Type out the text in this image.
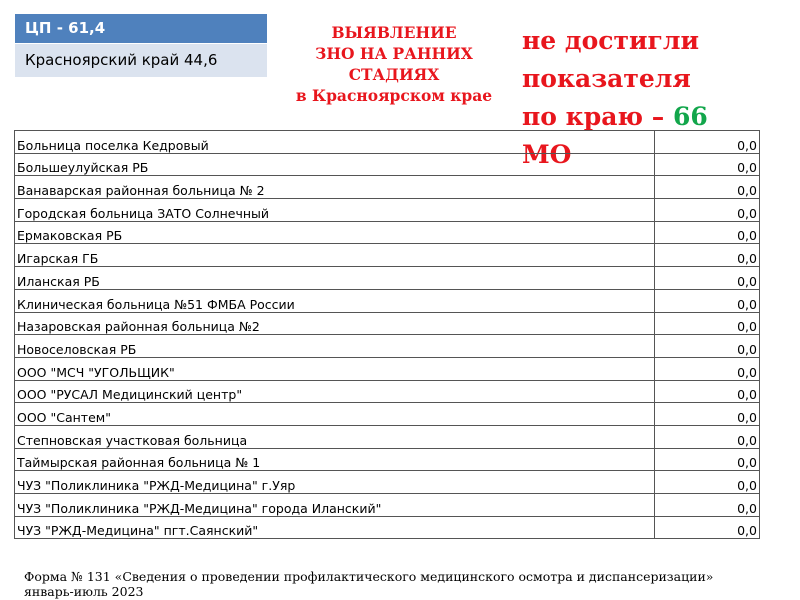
ЦП - 61,4
Красноярский край 44,6
ВЫЯВЛЕНИЕ
ЗНО НА РАННИХ
СТАДИЯХ
в Красноярском крае
не достигли
показателя
по краю – 66
МО
Больница поселка Кедровый	0,0
Большеулуйская РБ	0,0
Ванаварская районная больница № 2	0,0
Городская больница ЗАТО Солнечный	0,0
Ермаковская РБ	0,0
Игарская ГБ	0,0
Иланская РБ	0,0
Клиническая больница №51 ФМБА России	0,0
Назаровская районная больница №2	0,0
Новоселовская РБ	0,0
ООО "МСЧ "УГОЛЬЩИК"	0,0
ООО "РУСАЛ Медицинский центр"	0,0
ООО "Сантем"	0,0
Степновская участковая больница	0,0
Таймырская районная больница № 1	0,0
ЧУЗ "Поликлиника "РЖД-Медицина" г.Уяр	0,0
ЧУЗ "Поликлиника "РЖД-Медицина" города Иланский"	0,0
ЧУЗ "РЖД-Медицина" пгт.Саянский"	0,0
Форма № 131 «Сведения о проведении профилактического медицинского осмотра и диспансеризации»
январь-июль 2023
